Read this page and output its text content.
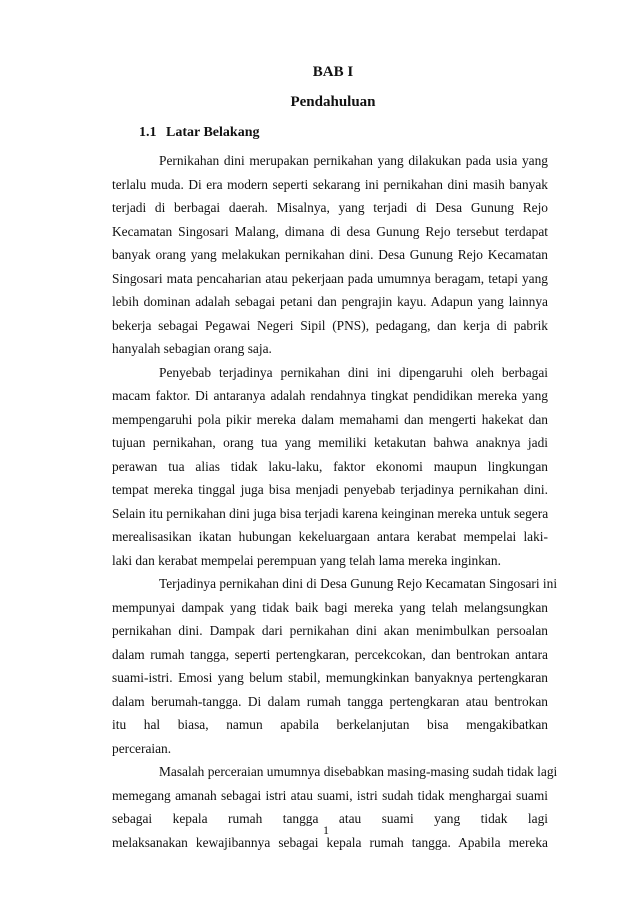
BAB I
Pendahuluan
1.1 Latar Belakang
Pernikahan dini merupakan pernikahan yang dilakukan pada usia yang
terlalu muda. Di era modern seperti sekarang ini pernikahan dini masih banyak
terjadi di berbagai daerah. Misalnya, yang terjadi di Desa Gunung Rejo
Kecamatan Singosari Malang, dimana di desa Gunung Rejo tersebut terdapat
banyak orang yang melakukan pernikahan dini. Desa Gunung Rejo Kecamatan
Singosari mata pencaharian atau pekerjaan pada umumnya beragam, tetapi yang
lebih dominan adalah sebagai petani dan pengrajin kayu. Adapun yang lainnya
bekerja sebagai Pegawai Negeri Sipil (PNS), pedagang, dan kerja di pabrik
hanyalah sebagian orang saja.
Penyebab terjadinya pernikahan dini ini dipengaruhi oleh berbagai
macam faktor. Di antaranya adalah rendahnya tingkat pendidikan mereka yang
mempengaruhi pola pikir mereka dalam memahami dan mengerti hakekat dan
tujuan pernikahan, orang tua yang memiliki ketakutan bahwa anaknya jadi
perawan tua alias tidak laku-laku, faktor ekonomi maupun lingkungan
tempat mereka tinggal juga bisa menjadi penyebab terjadinya pernikahan dini.
Selain itu pernikahan dini juga bisa terjadi karena keinginan mereka untuk segera
merealisasikan ikatan hubungan kekeluargaan antara kerabat mempelai laki-
laki dan kerabat mempelai perempuan yang telah lama mereka inginkan.
Terjadinya pernikahan dini di Desa Gunung Rejo Kecamatan Singosari ini
mempunyai dampak yang tidak baik bagi mereka yang telah melangsungkan
pernikahan dini. Dampak dari pernikahan dini akan menimbulkan persoalan
dalam rumah tangga, seperti pertengkaran, percekcokan, dan bentrokan antara
suami-istri. Emosi yang belum stabil, memungkinkan banyaknya pertengkaran
dalam berumah-tangga. Di dalam rumah tangga pertengkaran atau bentrokan
itu hal biasa, namun apabila berkelanjutan bisa mengakibatkan
perceraian.
Masalah perceraian umumnya disebabkan masing-masing sudah tidak lagi
memegang amanah sebagai istri atau suami, istri sudah tidak menghargai suami
sebagai kepala rumah tangga atau suami yang tidak lagi
melaksanakan kewajibannya sebagai kepala rumah tangga. Apabila mereka
1
